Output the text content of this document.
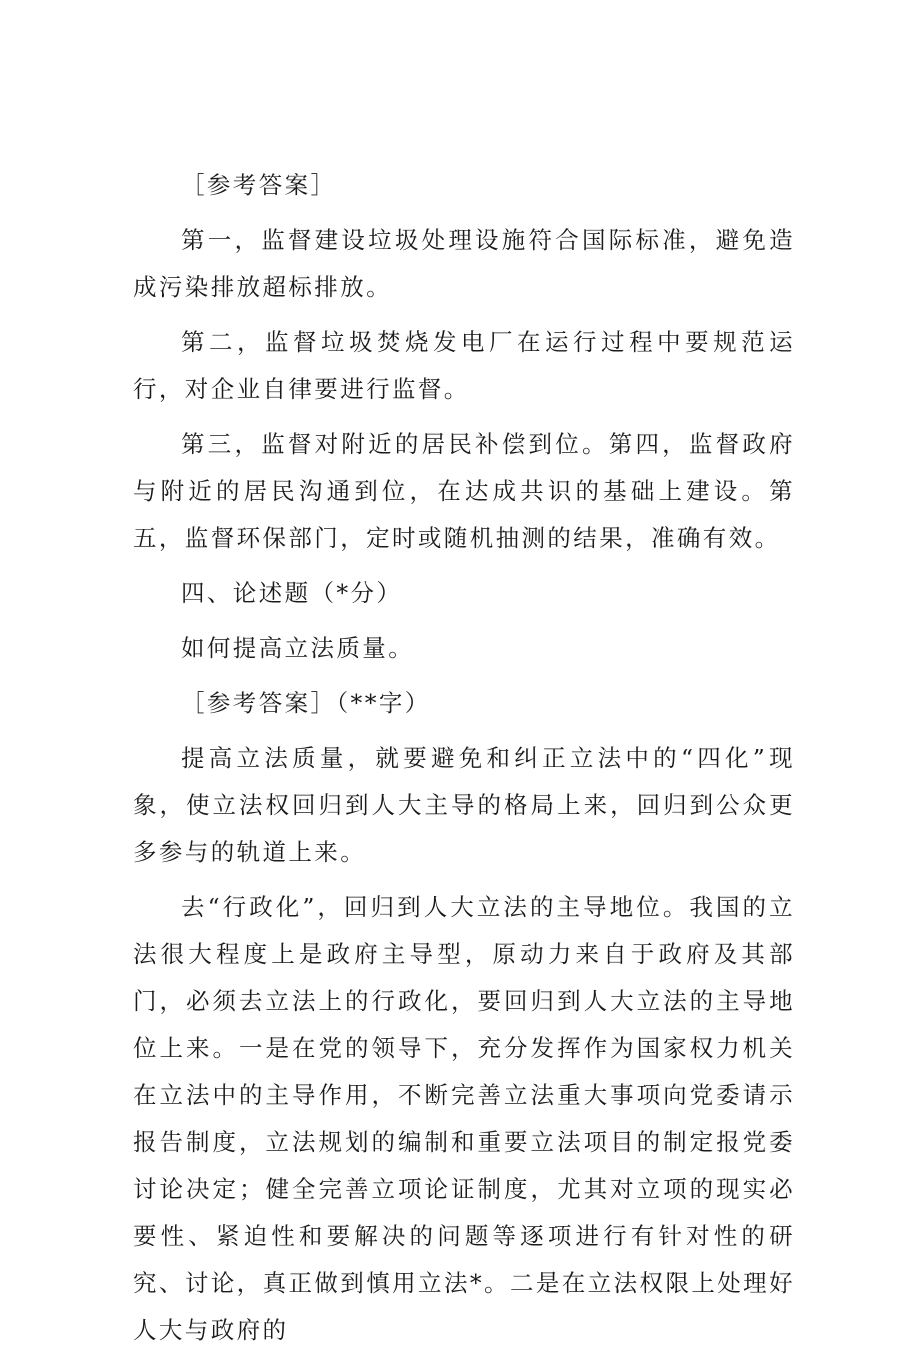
［参考答案］

第一，监督建设垃圾处理设施符合国际标准，避免造成污染排放超标排放。

第二，监督垃圾焚烧发电厂在运行过程中要规范运行，对企业自律要进行监督。

第三，监督对附近的居民补偿到位。第四，监督政府与附近的居民沟通到位，在达成共识的基础上建设。第五，监督环保部门，定时或随机抽测的结果，准确有效。

四、论述题（*分）

如何提高立法质量。

［参考答案］（**字）

提高立法质量，就要避免和纠正立法中的“四化”现象，使立法权回归到人大主导的格局上来，回归到公众更多参与的轨道上来。

去“行政化”，回归到人大立法的主导地位。我国的立法很大程度上是政府主导型，原动力来自于政府及其部门，必须去立法上的行政化，要回归到人大立法的主导地位上来。一是在党的领导下，充分发挥作为国家权力机关在立法中的主导作用，不断完善立法重大事项向党委请示报告制度，立法规划的编制和重要立法项目的制定报党委讨论决定；健全完善立项论证制度，尤其对立项的现实必要性、紧迫性和要解决的问题等逐项进行有针对性的研究、讨论，真正做到慎用立法*。二是在立法权限上处理好人大与政府的
